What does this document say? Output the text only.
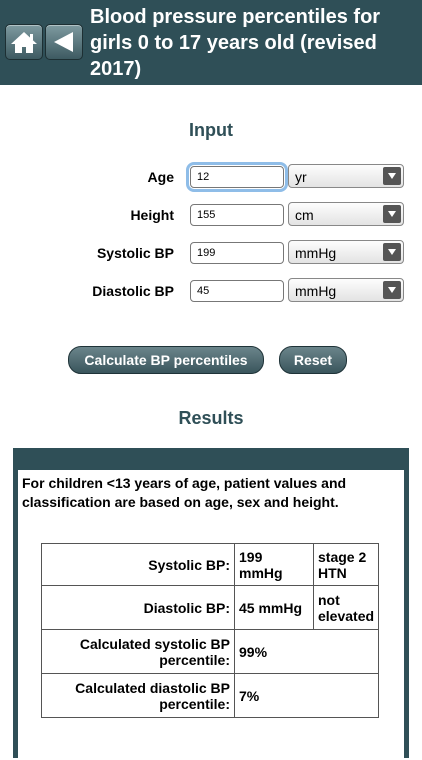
Blood pressure percentiles for girls 0 to 17 years old (revised 2017)
Input
Age
12	yr
Height
155	cm
Systolic BP
199	mmHg
Diastolic BP
45	mmHg
Calculate BP percentiles	Reset
Results
For children <13 years of age, patient values and classification are based on age, sex and height.
Systolic BP:	199 mmHg	stage 2 HTN
Diastolic BP:	45 mmHg	not elevated
Calculated systolic BP percentile:	99%	
Calculated diastolic BP percentile:	7%	
